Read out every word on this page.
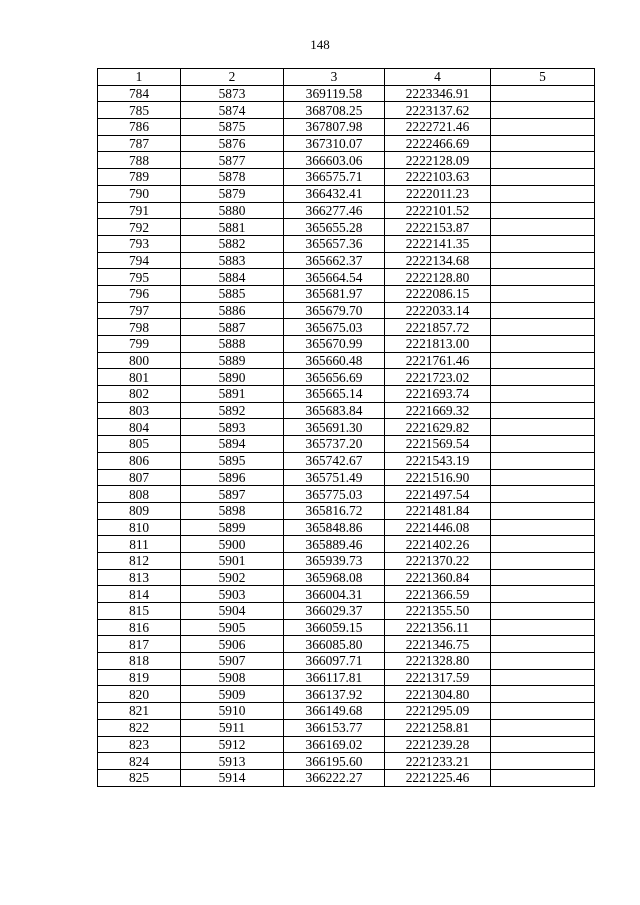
148
1	2	3	4	5
784	5873	369119.58	2223346.91	
785	5874	368708.25	2223137.62	
786	5875	367807.98	2222721.46	
787	5876	367310.07	2222466.69	
788	5877	366603.06	2222128.09	
789	5878	366575.71	2222103.63	
790	5879	366432.41	2222011.23	
791	5880	366277.46	2222101.52	
792	5881	365655.28	2222153.87	
793	5882	365657.36	2222141.35	
794	5883	365662.37	2222134.68	
795	5884	365664.54	2222128.80	
796	5885	365681.97	2222086.15	
797	5886	365679.70	2222033.14	
798	5887	365675.03	2221857.72	
799	5888	365670.99	2221813.00	
800	5889	365660.48	2221761.46	
801	5890	365656.69	2221723.02	
802	5891	365665.14	2221693.74	
803	5892	365683.84	2221669.32	
804	5893	365691.30	2221629.82	
805	5894	365737.20	2221569.54	
806	5895	365742.67	2221543.19	
807	5896	365751.49	2221516.90	
808	5897	365775.03	2221497.54	
809	5898	365816.72	2221481.84	
810	5899	365848.86	2221446.08	
811	5900	365889.46	2221402.26	
812	5901	365939.73	2221370.22	
813	5902	365968.08	2221360.84	
814	5903	366004.31	2221366.59	
815	5904	366029.37	2221355.50	
816	5905	366059.15	2221356.11	
817	5906	366085.80	2221346.75	
818	5907	366097.71	2221328.80	
819	5908	366117.81	2221317.59	
820	5909	366137.92	2221304.80	
821	5910	366149.68	2221295.09	
822	5911	366153.77	2221258.81	
823	5912	366169.02	2221239.28	
824	5913	366195.60	2221233.21	
825	5914	366222.27	2221225.46	
